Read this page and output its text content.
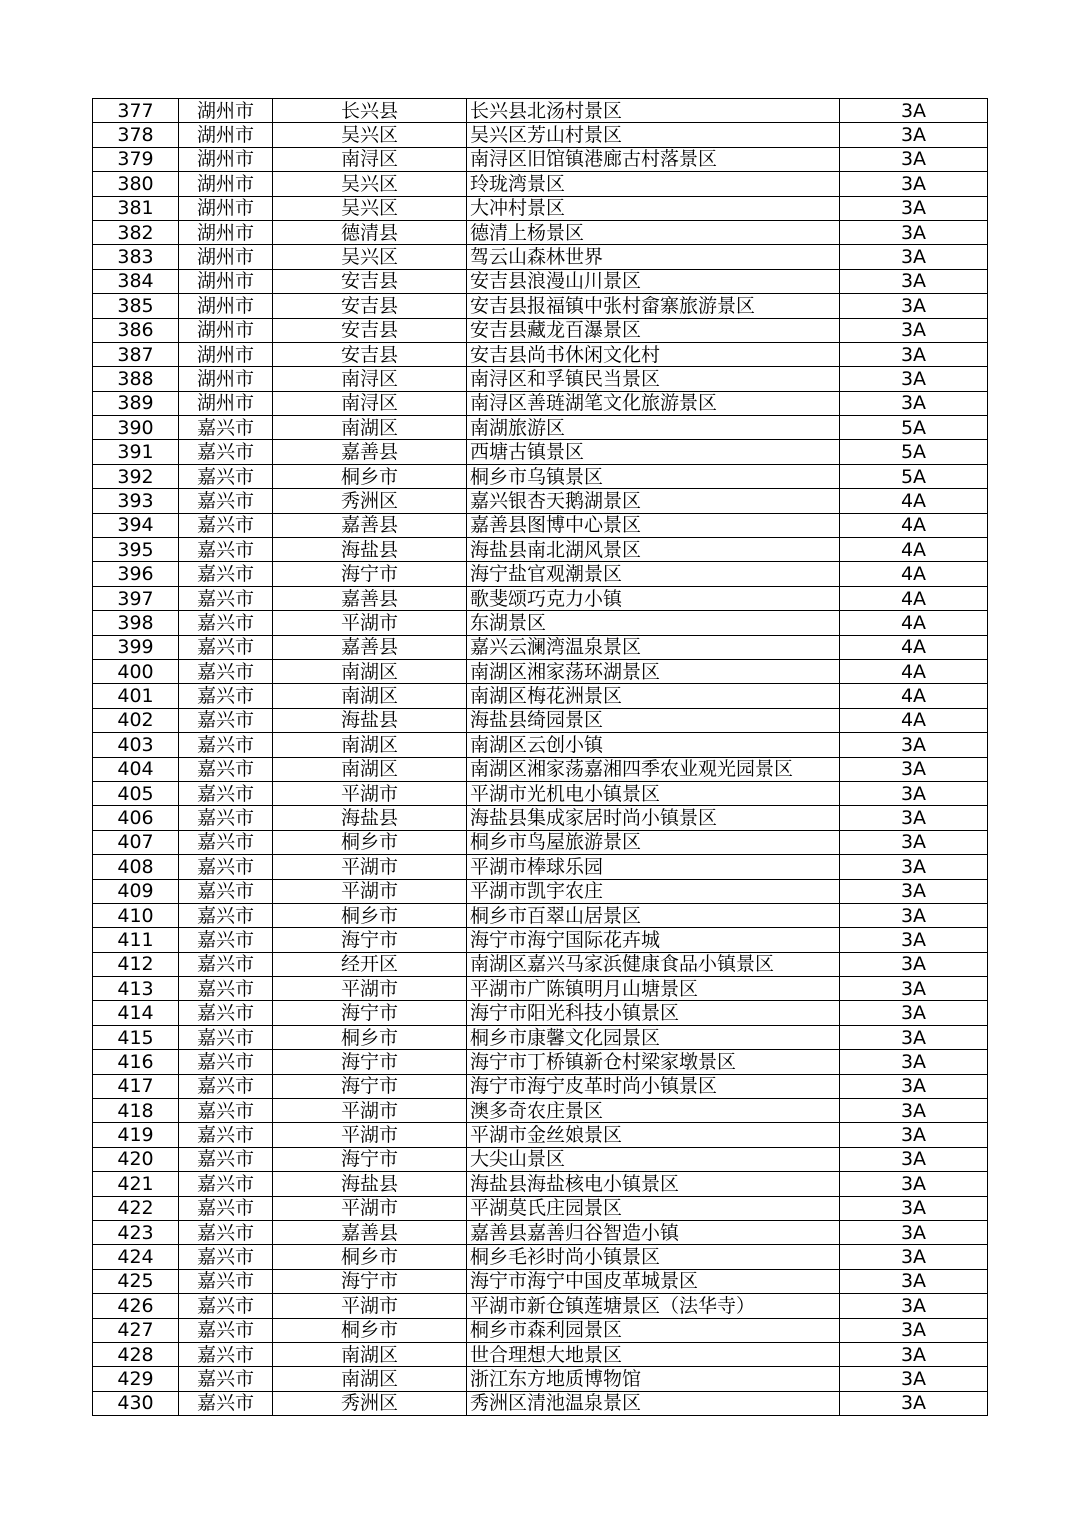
377	湖州市	长兴县	长兴县北汤村景区	3A
378	湖州市	吴兴区	吴兴区芳山村景区	3A
379	湖州市	南浔区	南浔区旧馆镇港廊古村落景区	3A
380	湖州市	吴兴区	玲珑湾景区	3A
381	湖州市	吴兴区	大冲村景区	3A
382	湖州市	德清县	德清上杨景区	3A
383	湖州市	吴兴区	驾云山森林世界	3A
384	湖州市	安吉县	安吉县浪漫山川景区	3A
385	湖州市	安吉县	安吉县报福镇中张村畲寨旅游景区	3A
386	湖州市	安吉县	安吉县藏龙百瀑景区	3A
387	湖州市	安吉县	安吉县尚书休闲文化村	3A
388	湖州市	南浔区	南浔区和孚镇民当景区	3A
389	湖州市	南浔区	南浔区善琏湖笔文化旅游景区	3A
390	嘉兴市	南湖区	南湖旅游区	5A
391	嘉兴市	嘉善县	西塘古镇景区	5A
392	嘉兴市	桐乡市	桐乡市乌镇景区	5A
393	嘉兴市	秀洲区	嘉兴银杏天鹅湖景区	4A
394	嘉兴市	嘉善县	嘉善县图博中心景区	4A
395	嘉兴市	海盐县	海盐县南北湖风景区	4A
396	嘉兴市	海宁市	海宁盐官观潮景区	4A
397	嘉兴市	嘉善县	歌斐颂巧克力小镇	4A
398	嘉兴市	平湖市	东湖景区	4A
399	嘉兴市	嘉善县	嘉兴云澜湾温泉景区	4A
400	嘉兴市	南湖区	南湖区湘家荡环湖景区	4A
401	嘉兴市	南湖区	南湖区梅花洲景区	4A
402	嘉兴市	海盐县	海盐县绮园景区	4A
403	嘉兴市	南湖区	南湖区云创小镇	3A
404	嘉兴市	南湖区	南湖区湘家荡嘉湘四季农业观光园景区	3A
405	嘉兴市	平湖市	平湖市光机电小镇景区	3A
406	嘉兴市	海盐县	海盐县集成家居时尚小镇景区	3A
407	嘉兴市	桐乡市	桐乡市鸟屋旅游景区	3A
408	嘉兴市	平湖市	平湖市棒球乐园	3A
409	嘉兴市	平湖市	平湖市凯宇农庄	3A
410	嘉兴市	桐乡市	桐乡市百翠山居景区	3A
411	嘉兴市	海宁市	海宁市海宁国际花卉城	3A
412	嘉兴市	经开区	南湖区嘉兴马家浜健康食品小镇景区	3A
413	嘉兴市	平湖市	平湖市广陈镇明月山塘景区	3A
414	嘉兴市	海宁市	海宁市阳光科技小镇景区	3A
415	嘉兴市	桐乡市	桐乡市康馨文化园景区	3A
416	嘉兴市	海宁市	海宁市丁桥镇新仓村梁家墩景区	3A
417	嘉兴市	海宁市	海宁市海宁皮革时尚小镇景区	3A
418	嘉兴市	平湖市	澳多奇农庄景区	3A
419	嘉兴市	平湖市	平湖市金丝娘景区	3A
420	嘉兴市	海宁市	大尖山景区	3A
421	嘉兴市	海盐县	海盐县海盐核电小镇景区	3A
422	嘉兴市	平湖市	平湖莫氏庄园景区	3A
423	嘉兴市	嘉善县	嘉善县嘉善归谷智造小镇	3A
424	嘉兴市	桐乡市	桐乡毛衫时尚小镇景区	3A
425	嘉兴市	海宁市	海宁市海宁中国皮革城景区	3A
426	嘉兴市	平湖市	平湖市新仓镇莲塘景区（法华寺）	3A
427	嘉兴市	桐乡市	桐乡市森利园景区	3A
428	嘉兴市	南湖区	世合理想大地景区	3A
429	嘉兴市	南湖区	浙江东方地质博物馆	3A
430	嘉兴市	秀洲区	秀洲区清池温泉景区	3A
